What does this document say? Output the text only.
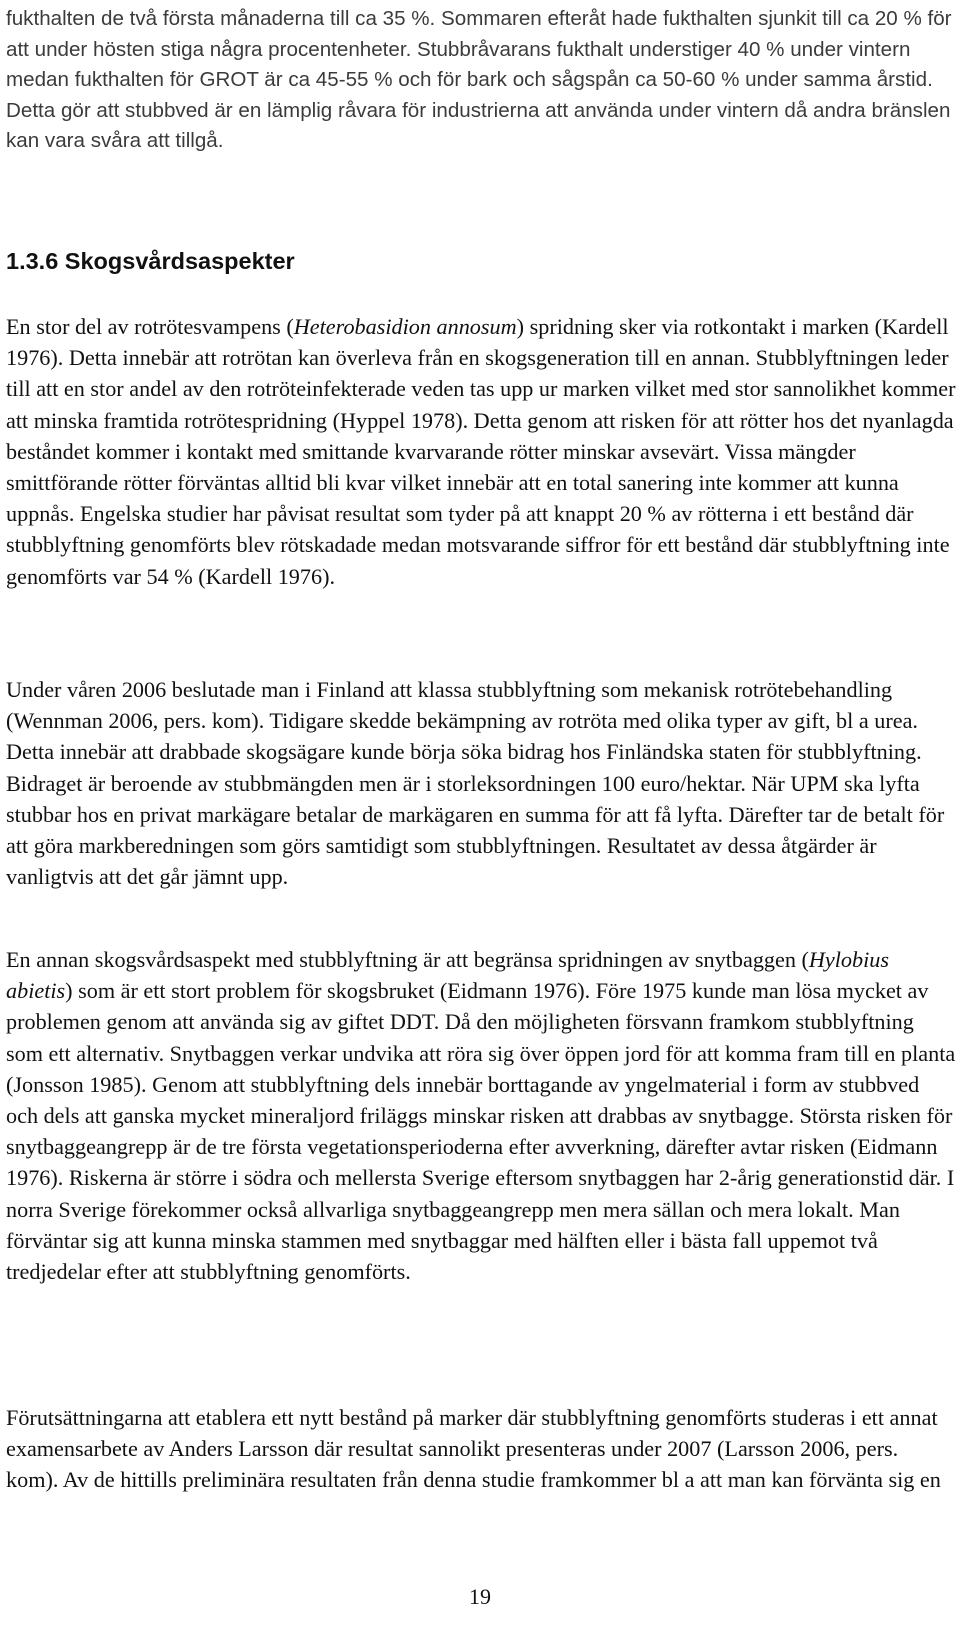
fukthalten de två första månaderna till ca 35 %. Sommaren efteråt hade fukthalten sjunkit till ca 20 % för att under hösten stiga några procentenheter. Stubbråvarans fukthalt understiger 40 % under vintern medan fukthalten för GROT är ca 45-55 % och för bark och sågspån ca 50-60 % under samma årstid. Detta gör att stubbved är en lämplig råvara för industrierna att använda under vintern då andra bränslen kan vara svåra att tillgå.

1.3.6 Skogsvårdsaspekter

En stor del av rotrötesvampens (Heterobasidion annosum) spridning sker via rotkontakt i marken (Kardell 1976). Detta innebär att rotrötan kan överleva från en skogsgeneration till en annan. Stubblyftningen leder till att en stor andel av den rotröteinfekterade veden tas upp ur marken vilket med stor sannolikhet kommer att minska framtida rotrötespridning (Hyppel 1978). Detta genom att risken för att rötter hos det nyanlagda beståndet kommer i kontakt med smittande kvarvarande rötter minskar avsevärt. Vissa mängder smittförande rötter förväntas alltid bli kvar vilket innebär att en total sanering inte kommer att kunna uppnås. Engelska studier har påvisat resultat som tyder på att knappt 20 % av rötterna i ett bestånd där stubblyftning genomförts blev rötskadade medan motsvarande siffror för ett bestånd där stubblyftning inte genomförts var 54 % (Kardell 1976).

Under våren 2006 beslutade man i Finland att klassa stubblyftning som mekanisk rotrötebehandling (Wennman 2006, pers. kom). Tidigare skedde bekämpning av rotröta med olika typer av gift, bl a urea. Detta innebär att drabbade skogsägare kunde börja söka bidrag hos Finländska staten för stubblyftning. Bidraget är beroende av stubbmängden men är i storleksordningen 100 euro/hektar. När UPM ska lyfta stubbar hos en privat markägare betalar de markägaren en summa för att få lyfta. Därefter tar de betalt för att göra markberedningen som görs samtidigt som stubblyftningen. Resultatet av dessa åtgärder är vanligtvis att det går jämnt upp.

En annan skogsvårdsaspekt med stubblyftning är att begränsa spridningen av snytbaggen (Hylobius abietis) som är ett stort problem för skogsbruket (Eidmann 1976). Före 1975 kunde man lösa mycket av problemen genom att använda sig av giftet DDT. Då den möjligheten försvann framkom stubblyftning som ett alternativ. Snytbaggen verkar undvika att röra sig över öppen jord för att komma fram till en planta (Jonsson 1985). Genom att stubblyftning dels innebär borttagande av yngelmaterial i form av stubbved och dels att ganska mycket mineraljord friläggs minskar risken att drabbas av snytbagge. Största risken för snytbaggeangrepp är de tre första vegetationsperioderna efter avverkning, därefter avtar risken (Eidmann 1976). Riskerna är större i södra och mellersta Sverige eftersom snytbaggen har 2-årig generationstid där. I norra Sverige förekommer också allvarliga snytbaggeangrepp men mera sällan och mera lokalt. Man förväntar sig att kunna minska stammen med snytbaggar med hälften eller i bästa fall uppemot två tredjedelar efter att stubblyftning genomförts.

Förutsättningarna att etablera ett nytt bestånd på marker där stubblyftning genomförts studeras i ett annat examensarbete av Anders Larsson där resultat sannolikt presenteras under 2007 (Larsson 2006, pers. kom). Av de hittills preliminära resultaten från denna studie framkommer bl a att man kan förvänta sig en

19
